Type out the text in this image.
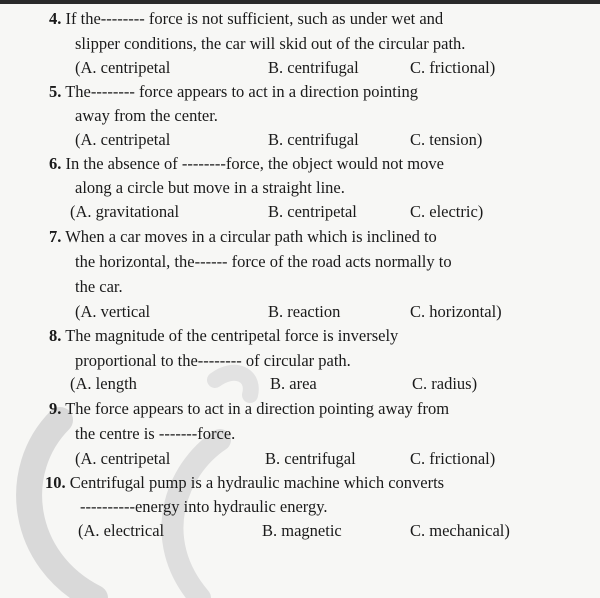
4. If the-------- force is not sufficient, such as under wet and
slipper conditions, the car will skid out of the circular path.
(A. centripetal	B. centrifugal	C. frictional)
5. The-------- force appears to act in a direction pointing
away from the center.
(A. centripetal	B. centrifugal	C. tension)
6. In the absence of --------force, the object would not move
along a circle but move in a straight line.
(A. gravitational	B. centripetal	C. electric)
7. When a car moves in a circular path which is inclined to
the horizontal, the------ force of the road acts normally to
the car.
(A. vertical	B. reaction	C. horizontal)
8. The magnitude of the centripetal force is inversely
proportional to the-------- of circular path.
(A. length	B. area	C. radius)
9. The force appears to act in a direction pointing away from
the centre is -------force.
(A. centripetal	B. centrifugal	C. frictional)
10. Centrifugal pump is a hydraulic machine which converts
----------energy into hydraulic energy.
(A. electrical	B. magnetic	C. mechanical)
